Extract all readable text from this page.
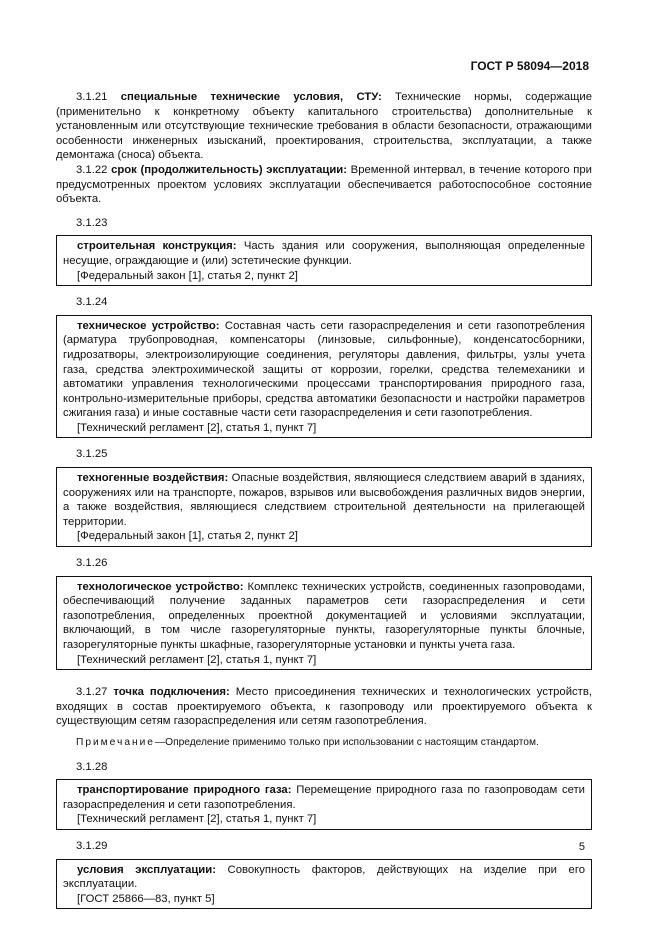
ГОСТ Р 58094—2018

3.1.21 специальные технические условия, СТУ: Технические нормы, содержащие (применительно к конкретному объекту капитального строительства) дополнительные к установленным или отсутствующие технические требования в области безопасности, отражающими особенности инженерных изысканий, проектирования, строительства, эксплуатации, а также демонтажа (сноса) объекта.

3.1.22 срок (продолжительность) эксплуатации: Временной интервал, в течение которого при предусмотренных проектом условиях эксплуатации обеспечивается работоспособное состояние объекта.

3.1.23

строительная конструкция: Часть здания или сооружения, выполняющая определенные несущие, ограждающие и (или) эстетические функции.

[Федеральный закон [1], статья 2, пункт 2]

3.1.24

техническое устройство: Составная часть сети газораспределения и сети газопотребления (арматура трубопроводная, компенсаторы (линзовые, сильфонные), конденсатосборники, гидрозатворы, электроизолирующие соединения, регуляторы давления, фильтры, узлы учета газа, средства электрохимической защиты от коррозии, горелки, средства телемеханики и автоматики управления технологическими процессами транспортирования природного газа, контрольно-измерительные приборы, средства автоматики безопасности и настройки параметров сжигания газа) и иные составные части сети газораспределения и сети газопотребления.

[Технический регламент [2], статья 1, пункт 7]

3.1.25

техногенные воздействия: Опасные воздействия, являющиеся следствием аварий в зданиях, сооружениях или на транспорте, пожаров, взрывов или высвобождения различных видов энергии, а также воздействия, являющиеся следствием строительной деятельности на прилегающей территории.

[Федеральный закон [1], статья 2, пункт 2]

3.1.26

технологическое устройство: Комплекс технических устройств, соединенных газопроводами, обеспечивающий получение заданных параметров сети газораспределения и сети газопотребления, определенных проектной документацией и условиями эксплуатации, включающий, в том числе газорегуляторные пункты, газорегуляторные пункты блочные, газорегуляторные пункты шкафные, газорегуляторные установки и пункты учета газа.

[Технический регламент [2], статья 1, пункт 7]

3.1.27 точка подключения: Место присоединения технических и технологических устройств, входящих в состав проектируемого объекта, к газопроводу или проектируемого объекта к существующим сетям газораспределения или сетям газопотребления.

Примечание—Определение применимо только при использовании с настоящим стандартом.

3.1.28

транспортирование природного газа: Перемещение природного газа по газопроводам сети газораспределения и сети газопотребления.

[Технический регламент [2], статья 1, пункт 7]

3.1.29

условия эксплуатации: Совокупность факторов, действующих на изделие при его эксплуатации.

[ГОСТ 25866—83, пункт 5]

5
